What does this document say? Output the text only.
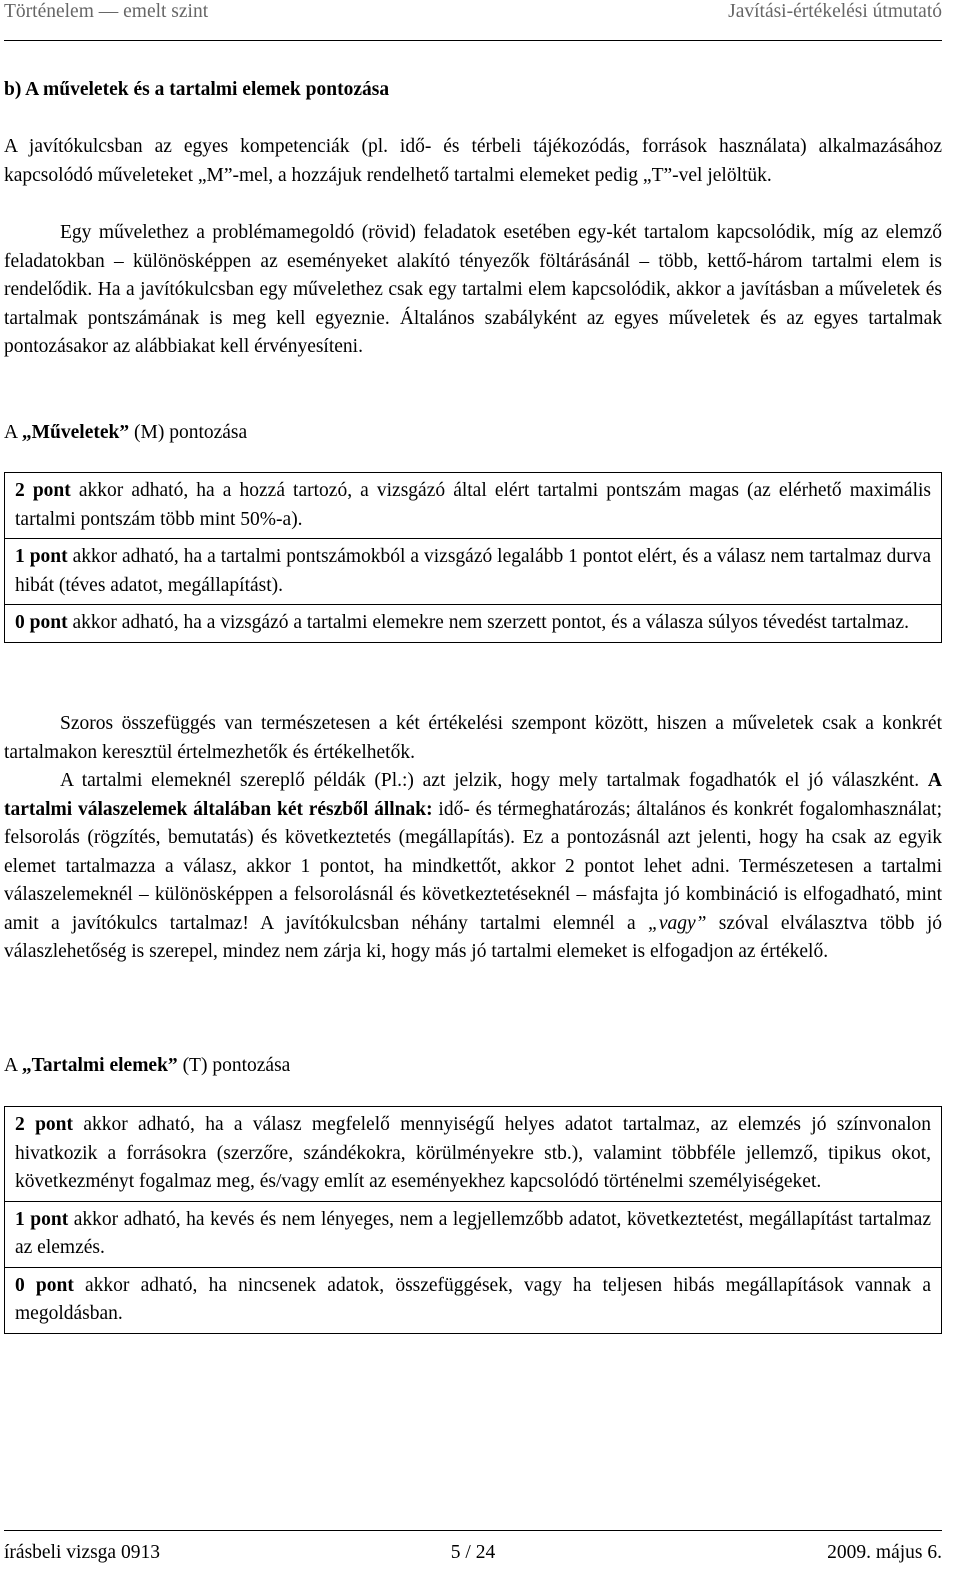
Történelem — emelt szint	Javítási-értékelési útmutató

b) A műveletek és a tartalmi elemek pontozása

A javítókulcsban az egyes kompetenciák (pl. idő- és térbeli tájékozódás, források használata) alkalmazásához kapcsolódó műveleteket „M”-mel, a hozzájuk rendelhető tartalmi elemeket pedig „T”-vel jelöltük.

Egy művelethez a problémamegoldó (rövid) feladatok esetében egy-két tartalom kapcsolódik, míg az elemző feladatokban – különösképpen az eseményeket alakító tényezők föltárásánál – több, kettő-három tartalmi elem is rendelődik. Ha a javítókulcsban egy művelethez csak egy tartalmi elem kapcsolódik, akkor a javításban a műveletek és tartalmak pontszámának is meg kell egyeznie. Általános szabályként az egyes műveletek és az egyes tartalmak pontozásakor az alábbiakat kell érvényesíteni.

A „Műveletek” (M) pontozása

2 pont akkor adható, ha a hozzá tartozó, a vizsgázó által elért tartalmi pontszám magas (az elérhető maximális tartalmi pontszám több mint 50%-a).
1 pont akkor adható, ha a tartalmi pontszámokból a vizsgázó legalább 1 pontot elért, és a válasz nem tartalmaz durva hibát (téves adatot, megállapítást).
0 pont akkor adható, ha a vizsgázó a tartalmi elemekre nem szerzett pontot, és a válasza súlyos tévedést tartalmaz.

Szoros összefüggés van természetesen a két értékelési szempont között, hiszen a műveletek csak a konkrét tartalmakon keresztül értelmezhetők és értékelhetők.

A tartalmi elemeknél szereplő példák (Pl.:) azt jelzik, hogy mely tartalmak fogadhatók el jó válaszként. A tartalmi válaszelemek általában két részből állnak: idő- és térmeghatározás; általános és konkrét fogalomhasználat; felsorolás (rögzítés, bemutatás) és következtetés (megállapítás). Ez a pontozásnál azt jelenti, hogy ha csak az egyik elemet tartalmazza a válasz, akkor 1 pontot, ha mindkettőt, akkor 2 pontot lehet adni. Természetesen a tartalmi válaszelemeknél – különösképpen a felsorolásnál és következtetéseknél – másfajta jó kombináció is elfogadható, mint amit a javítókulcs tartalmaz! A javítókulcsban néhány tartalmi elemnél a „vagy” szóval elválasztva több jó válaszlehetőség is szerepel, mindez nem zárja ki, hogy más jó tartalmi elemeket is elfogadjon az értékelő.

A „Tartalmi elemek” (T) pontozása

2 pont akkor adható, ha a válasz megfelelő mennyiségű helyes adatot tartalmaz, az elemzés jó színvonalon hivatkozik a forrásokra (szerzőre, szándékokra, körülményekre stb.), valamint többféle jellemző, tipikus okot, következményt fogalmaz meg, és/vagy említ az eseményekhez kapcsolódó történelmi személyiségeket.
1 pont akkor adható, ha kevés és nem lényeges, nem a legjellemzőbb adatot, következtetést, megállapítást tartalmaz az elemzés.
0 pont akkor adható, ha nincsenek adatok, összefüggések, vagy ha teljesen hibás megállapítások vannak a megoldásban.
írásbeli vizsga 0913	5 / 24	2009. május 6.
